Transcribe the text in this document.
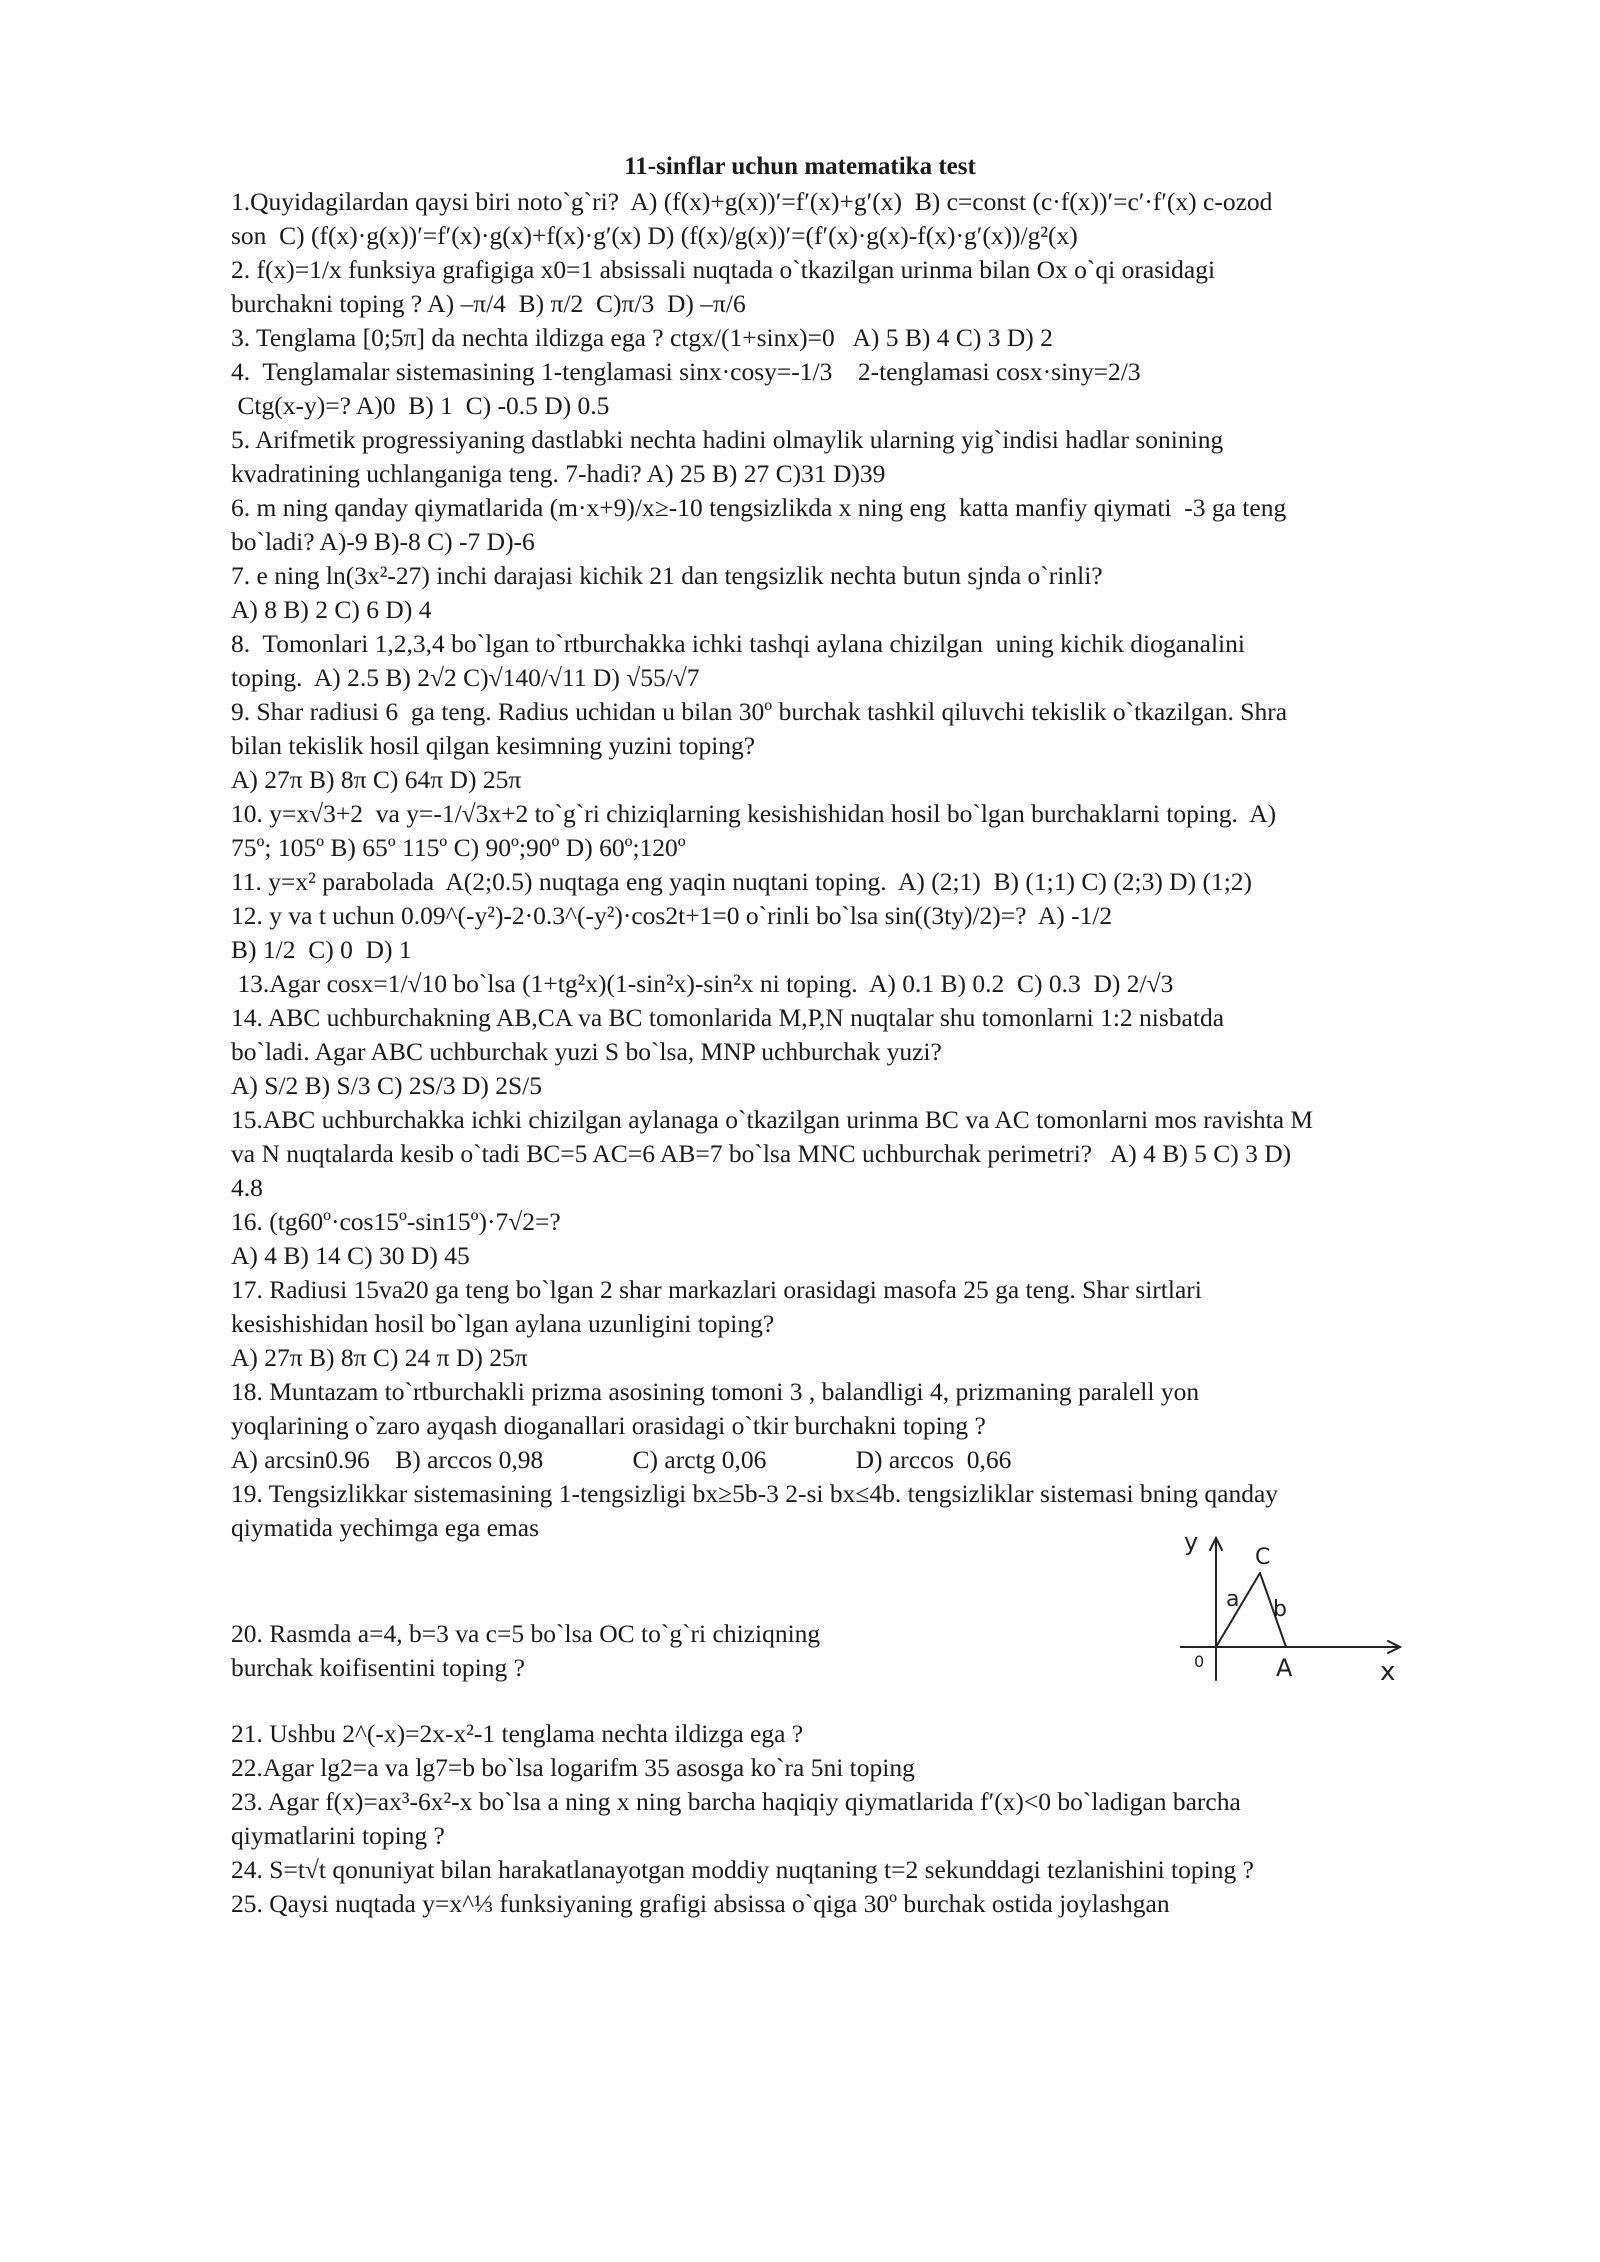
11-sinflar uchun matematika test
1.Quyidagilardan qaysi biri noto`g`ri?  A) (f(x)+g(x))′=f′(x)+g′(x)  B) c=const (c·f(x))′=c′·f′(x) c-ozod
son  C) (f(x)·g(x))′=f′(x)·g(x)+f(x)·g′(x) D) (f(x)/g(x))′=(f′(x)·g(x)-f(x)·g′(x))/g²(x)
2. f(x)=1/x funksiya grafigiga x0=1 absissali nuqtada o`tkazilgan urinma bilan Ox o`qi orasidagi
burchakni toping ? A) –π/4  B) π/2  C)π/3  D) –π/6
3. Tenglama [0;5π] da nechta ildizga ega ? ctgx/(1+sinx)=0   A) 5 B) 4 C) 3 D) 2
4.  Tenglamalar sistemasining 1-tenglamasi sinx·cosy=-1/3    2-tenglamasi cosx·siny=2/3
Ctg(x-y)=? A)0  B) 1  C) -0.5 D) 0.5
5. Arifmetik progressiyaning dastlabki nechta hadini olmaylik ularning yig`indisi hadlar sonining
kvadratining uchlanganiga teng. 7-hadi? A) 25 B) 27 C)31 D)39
6. m ning qanday qiymatlarida (m·x+9)/x≥-10 tengsizlikda x ning eng  katta manfiy qiymati  -3 ga teng
bo`ladi? A)-9 B)-8 C) -7 D)-6
7. e ning ln(3x²-27) inchi darajasi kichik 21 dan tengsizlik nechta butun sjnda o`rinli?
A) 8 B) 2 C) 6 D) 4
8.  Tomonlari 1,2,3,4 bo`lgan to`rtburchakka ichki tashqi aylana chizilgan  uning kichik dioganalini
toping.  A) 2.5 B) 2√2 C)√140/√11 D) √55/√7
9. Shar radiusi 6  ga teng. Radius uchidan u bilan 30º burchak tashkil qiluvchi tekislik o`tkazilgan. Shra
bilan tekislik hosil qilgan kesimning yuzini toping?
A) 27π B) 8π C) 64π D) 25π
10. y=x√3+2  va y=-1/√3x+2 to`g`ri chiziqlarning kesishishidan hosil bo`lgan burchaklarni toping.  A)
75º; 105º B) 65º 115º C) 90º;90º D) 60º;120º
11. y=x² parabolada  A(2;0.5) nuqtaga eng yaqin nuqtani toping.  A) (2;1)  B) (1;1) C) (2;3) D) (1;2)
12. y va t uchun 0.09^(-y²)-2·0.3^(-y²)·cos2t+1=0 o`rinli bo`lsa sin((3ty)/2)=?  A) -1/2
B) 1/2  C) 0  D) 1
13.Agar cosx=1/√10 bo`lsa (1+tg²x)(1-sin²x)-sin²x ni toping.  A) 0.1 B) 0.2  C) 0.3  D) 2/√3
14. ABC uchburchakning AB,CA va BC tomonlarida M,P,N nuqtalar shu tomonlarni 1:2 nisbatda
bo`ladi. Agar ABC uchburchak yuzi S bo`lsa, MNP uchburchak yuzi?
A) S/2 B) S/3 C) 2S/3 D) 2S/5
15.ABC uchburchakka ichki chizilgan aylanaga o`tkazilgan urinma BC va AC tomonlarni mos ravishta M
va N nuqtalarda kesib o`tadi BC=5 AC=6 AB=7 bo`lsa MNC uchburchak perimetri?   A) 4 B) 5 C) 3 D)
4.8
16. (tg60º·cos15º-sin15º)·7√2=?
A) 4 B) 14 C) 30 D) 45
17. Radiusi 15va20 ga teng bo`lgan 2 shar markazlari orasidagi masofa 25 ga teng. Shar sirtlari
kesishishidan hosil bo`lgan aylana uzunligini toping?
A) 27π B) 8π C) 24 π D) 25π
18. Muntazam to`rtburchakli prizma asosining tomoni 3 , balandligi 4, prizmaning paralell yon
yoqlarining o`zaro ayqash dioganallari orasidagi o`tkir burchakni toping ?
A) arcsin0.96    B) arccos 0,98              C) arctg 0,06              D) arccos  0,66
19. Tengsizlikkar sistemasining 1-tengsizligi bx≥5b-3 2-si bx≤4b. tengsizliklar sistemasi bning qanday
qiymatida yechimga ega emas
20. Rasmda a=4, b=3 va c=5 bo`lsa OC to`g`ri chiziqning
burchak koifisentini toping ?
21. Ushbu 2^(-x)=2x-x²-1 tenglama nechta ildizga ega ?
22.Agar lg2=a va lg7=b bo`lsa logarifm 35 asosga ko`ra 5ni toping
23. Agar f(x)=ax³-6x²-x bo`lsa a ning x ning barcha haqiqiy qiymatlarida f′(x)<0 bo`ladigan barcha
qiymatlarini toping ?
24. S=t√t qonuniyat bilan harakatlanayotgan moddiy nuqtaning t=2 sekunddagi tezlanishini toping ?
25. Qaysi nuqtada y=x^⅓ funksiyaning grafigi absissa o`qiga 30º burchak ostida joylashgan
y
x
0
C
A
a b
